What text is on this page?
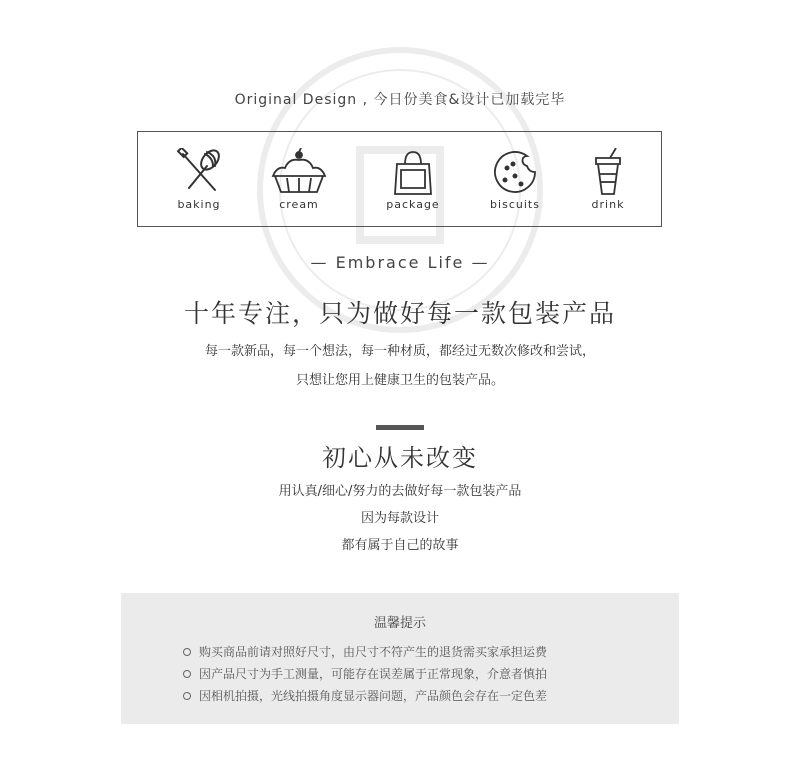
Original Design , 今日份美食&设计已加载完毕
baking	cream	package	biscuits	drink
— Embrace Life —
十年专注，只为做好每一款包装产品
每一款新品，每一个想法，每一种材质，都经过无数次修改和尝试，
只想让您用上健康卫生的包装产品。
初心从未改变
用认真/细心/努力的去做好每一款包装产品
因为每款设计
都有属于自己的故事
温馨提示
购买商品前请对照好尺寸，由尺寸不符产生的退货需买家承担运费
因产品尺寸为手工测量，可能存在误差属于正常现象，介意者慎拍
因相机拍摄，光线拍摄角度显示器问题，产品颜色会存在一定色差
